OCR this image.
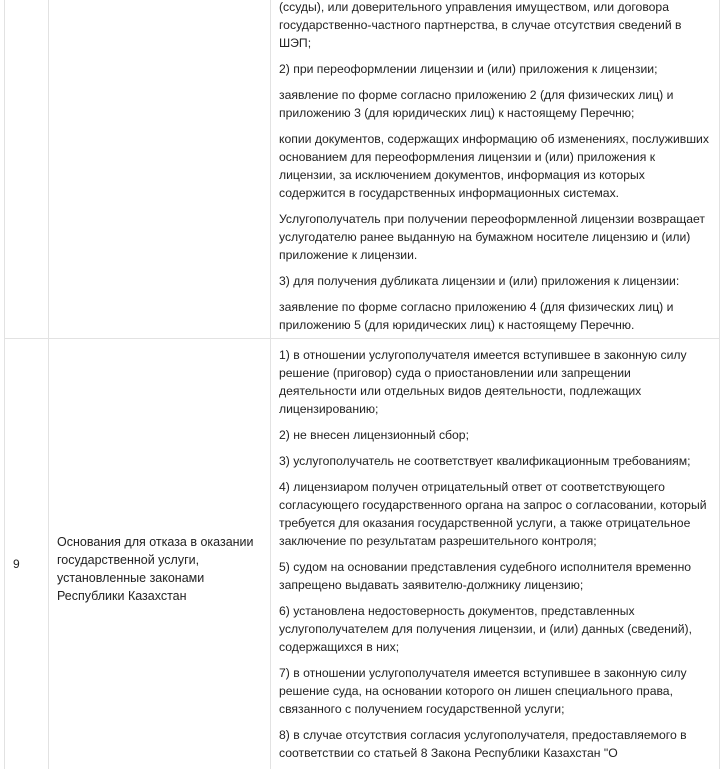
(ссуды), или доверительного управления имуществом, или договора государственно-частного партнерства, в случае отсутствия сведений в ШЭП;

2) при переоформлении лицензии и (или) приложения к лицензии;

заявление по форме согласно приложению 2 (для физических лиц) и приложению 3 (для юридических лиц) к настоящему Перечню;

копии документов, содержащих информацию об изменениях, послуживших основанием для переоформления лицензии и (или) приложения к лицензии, за исключением документов, информация из которых содержится в государственных информационных системах.

Услугополучатель при получении переоформленной лицензии возвращает услугодателю ранее выданную на бумажном носителе лицензию и (или) приложение к лицензии.

3) для получения дубликата лицензии и (или) приложения к лицензии:

заявление по форме согласно приложению 4 (для физических лиц) и приложению 5 (для юридических лиц) к настоящему Перечню.

9
Основания для отказа в оказании государственной услуги, установленные законами Республики Казахстан

1) в отношении услугополучателя имеется вступившее в законную силу решение (приговор) суда о приостановлении или запрещении деятельности или отдельных видов деятельности, подлежащих лицензированию;

2) не внесен лицензионный сбор;

3) услугополучатель не соответствует квалификационным требованиям;

4) лицензиаром получен отрицательный ответ от соответствующего согласующего государственного органа на запрос о согласовании, который требуется для оказания государственной услуги, а также отрицательное заключение по результатам разрешительного контроля;

5) судом на основании представления судебного исполнителя временно запрещено выдавать заявителю-должнику лицензию;

6) установлена недостоверность документов, представленных услугополучателем для получения лицензии, и (или) данных (сведений), содержащихся в них;

7) в отношении услугополучателя имеется вступившее в законную силу решение суда, на основании которого он лишен специального права, связанного с получением государственной услуги;

8) в случае отсутствия согласия услугополучателя, предоставляемого в соответствии со статьей 8 Закона Республики Казахстан "О
